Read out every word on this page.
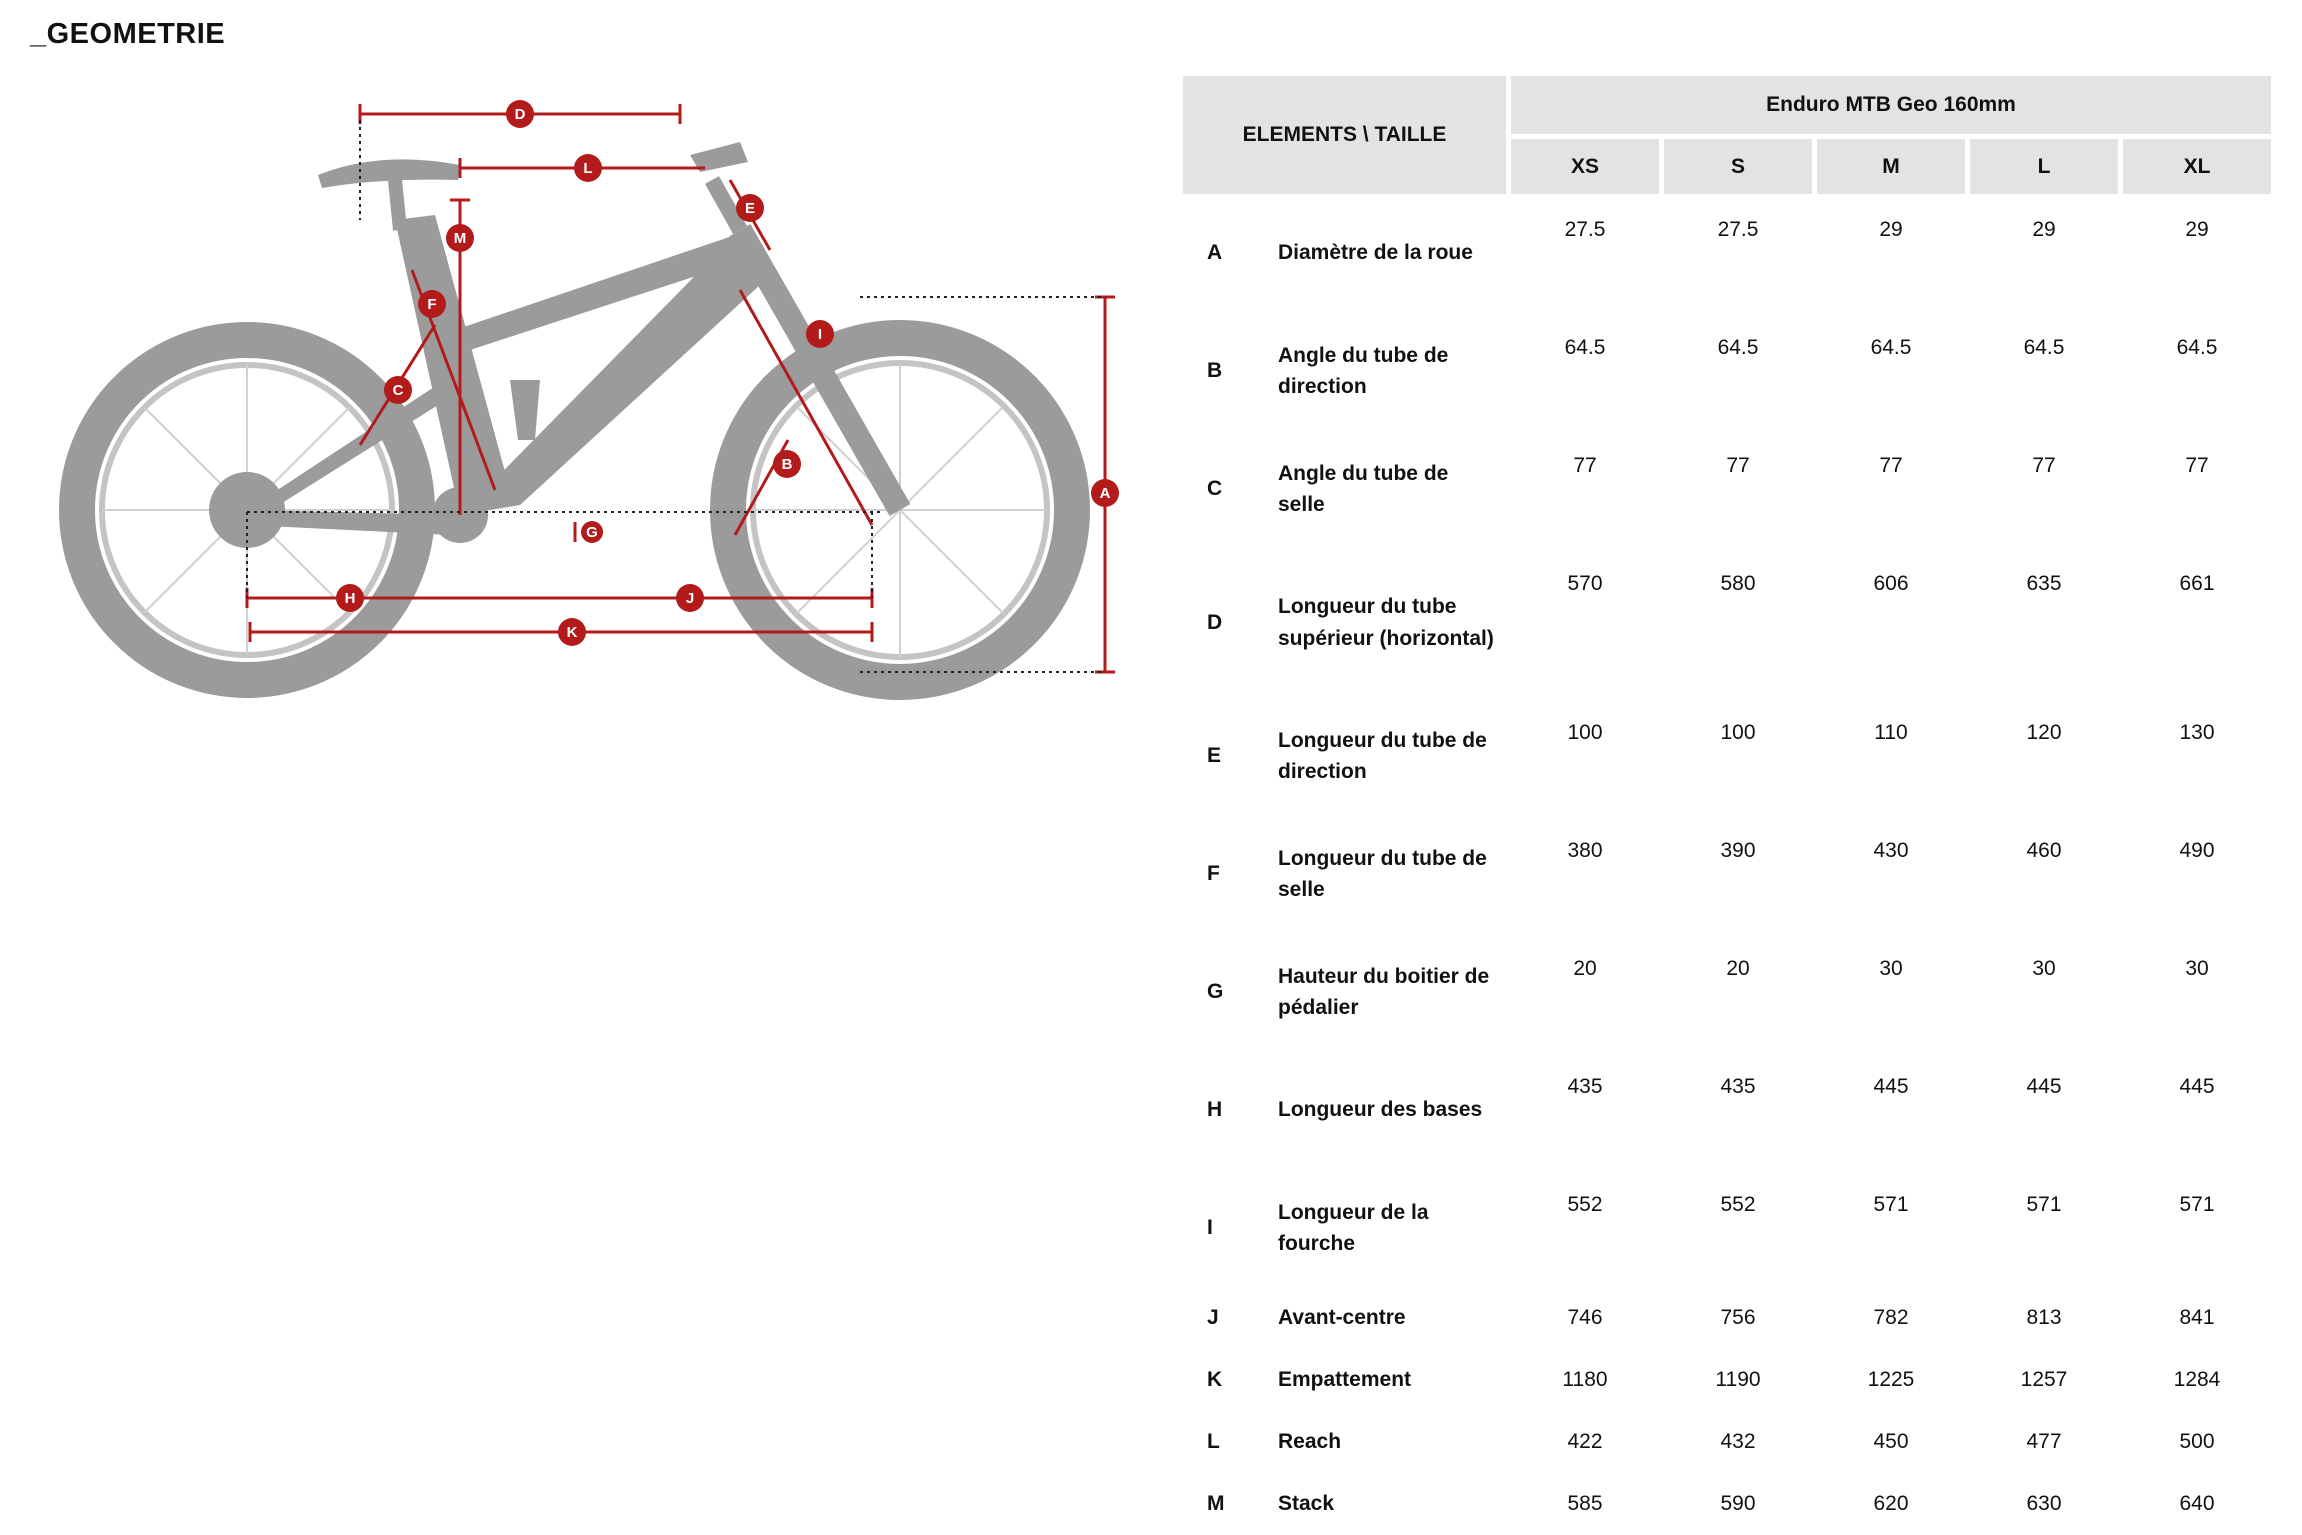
_GEOMETRIE
D
L
M
E
F
I
C
B
A
G
H	J
K
ELEMENTS \ TAILLE		Enduro MTB Geo 160mm				
		XS	S	M	L	XL
A	Diamètre de la roue	27.5	27.5	29	29	29
B	Angle du tube de direction	64.5	64.5	64.5	64.5	64.5
C	Angle du tube de selle	77	77	77	77	77
D	Longueur du tube supérieur (horizontal)	570	580	606	635	661
E	Longueur du tube de direction	100	100	110	120	130
F	Longueur du tube de selle	380	390	430	460	490
G	Hauteur du boitier de pédalier	20	20	30	30	30
H	Longueur des bases	435	435	445	445	445
I	Longueur de la fourche	552	552	571	571	571
J	Avant-centre	746	756	782	813	841
K	Empattement	1180	1190	1225	1257	1284
L	Reach	422	432	450	477	500
M	Stack	585	590	620	630	640
